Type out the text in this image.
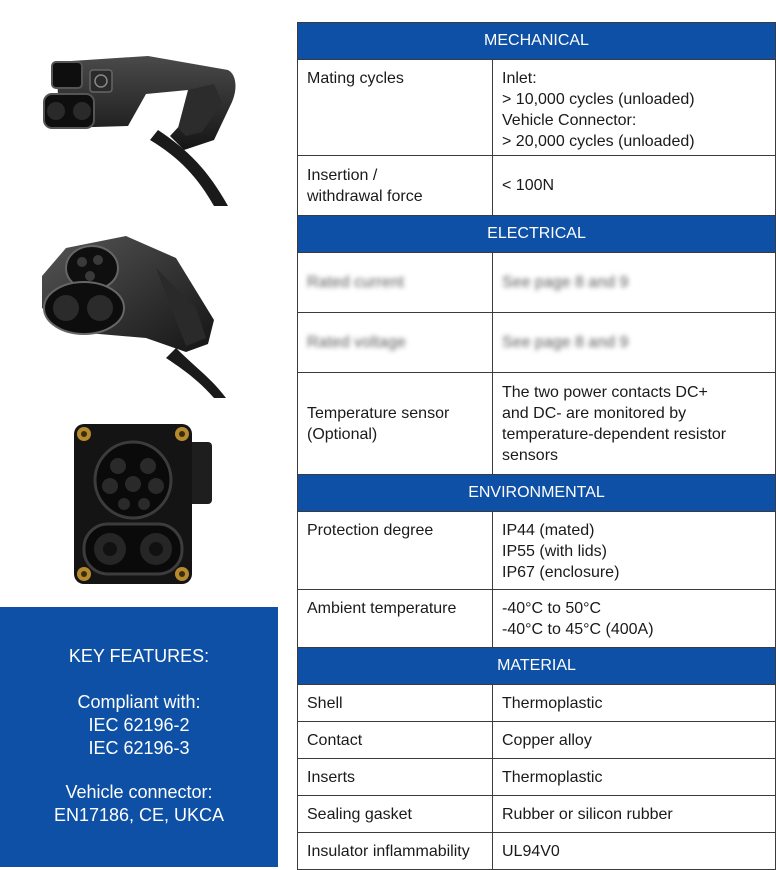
KEY FEATURES:
Compliant with:
IEC 62196-2
IEC 62196-3
Vehicle connector:
EN17186, CE, UKCA
MECHANICAL	

Mating cycles	Inlet:
> 10,000 cycles (unloaded)
Vehicle Connector:
> 20,000 cycles (unloaded)

Insertion /
withdrawal force	< 100N

ELECTRICAL	

Rated current	See page 8 and 9

Rated voltage	See page 8 and 9

Temperature sensor
(Optional)	The two power contacts DC+
and DC- are monitored by
temperature-dependent resistor
sensors

ENVIRONMENTAL	

Protection degree	IP44 (mated)
IP55 (with lids)
IP67 (enclosure)

Ambient temperature	-40°C to 50°C
-40°C to 45°C (400A)

MATERIAL	

Shell	Thermoplastic

Contact	Copper alloy

Inserts	Thermoplastic

Sealing gasket	Rubber or silicon rubber

Insulator inflammability	UL94V0
